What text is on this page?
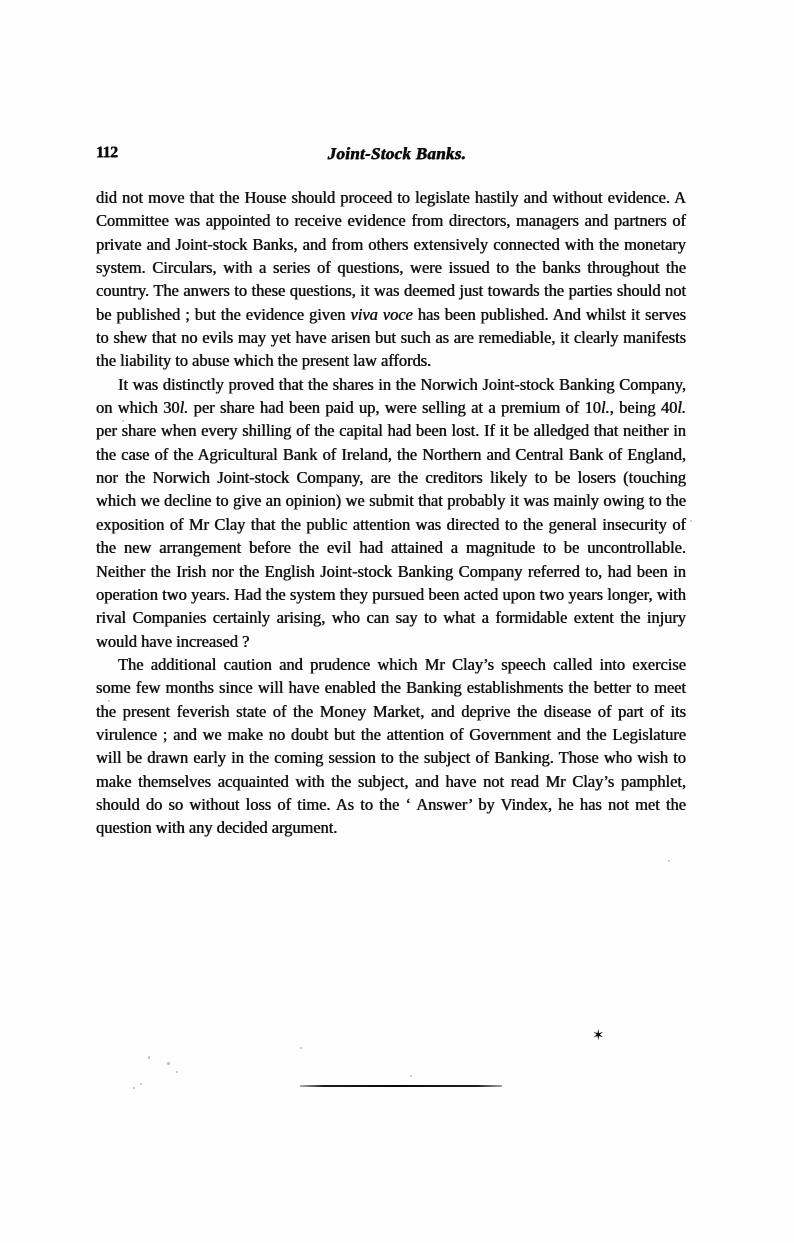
112	Joint-Stock Banks.

did not move that the House should proceed to legislate hastily and without evidence. A Committee was appointed to receive evidence from directors, managers and partners of private and Joint-stock Banks, and from others extensively connected with the monetary system. Circulars, with a series of questions, were issued to the banks throughout the country. The anwers to these questions, it was deemed just towards the parties should not be published ; but the evidence given viva voce has been published. And whilst it serves to shew that no evils may yet have arisen but such as are remediable, it clearly manifests the liability to abuse which the present law affords.

It was distinctly proved that the shares in the Norwich Joint-stock Banking Company, on which 30l. per share had been paid up, were selling at a premium of 10l., being 40l. per share when every shilling of the capital had been lost. If it be alledged that neither in the case of the Agricultural Bank of Ireland, the Northern and Central Bank of England, nor the Norwich Joint-stock Company, are the creditors likely to be losers (touching which we decline to give an opinion) we submit that probably it was mainly owing to the exposition of Mr Clay that the public attention was directed to the general insecurity of the new arrangement before the evil had attained a magnitude to be uncontrollable. Neither the Irish nor the English Joint-stock Banking Company referred to, had been in operation two years. Had the system they pursued been acted upon two years longer, with rival Companies certainly arising, who can say to what a formidable extent the injury would have increased ?

The additional caution and prudence which Mr Clay’s speech called into exercise some few months since will have enabled the Banking establishments the better to meet the present feverish state of the Money Market, and deprive the disease of part of its virulence ; and we make no doubt but the attention of Government and the Legislature will be drawn early in the coming session to the subject of Banking. Those who wish to make themselves acquainted with the subject, and have not read Mr Clay’s pamphlet, should do so without loss of time. As to the ‘ Answer’ by Vindex, he has not met the question with any decided argument.

✶
